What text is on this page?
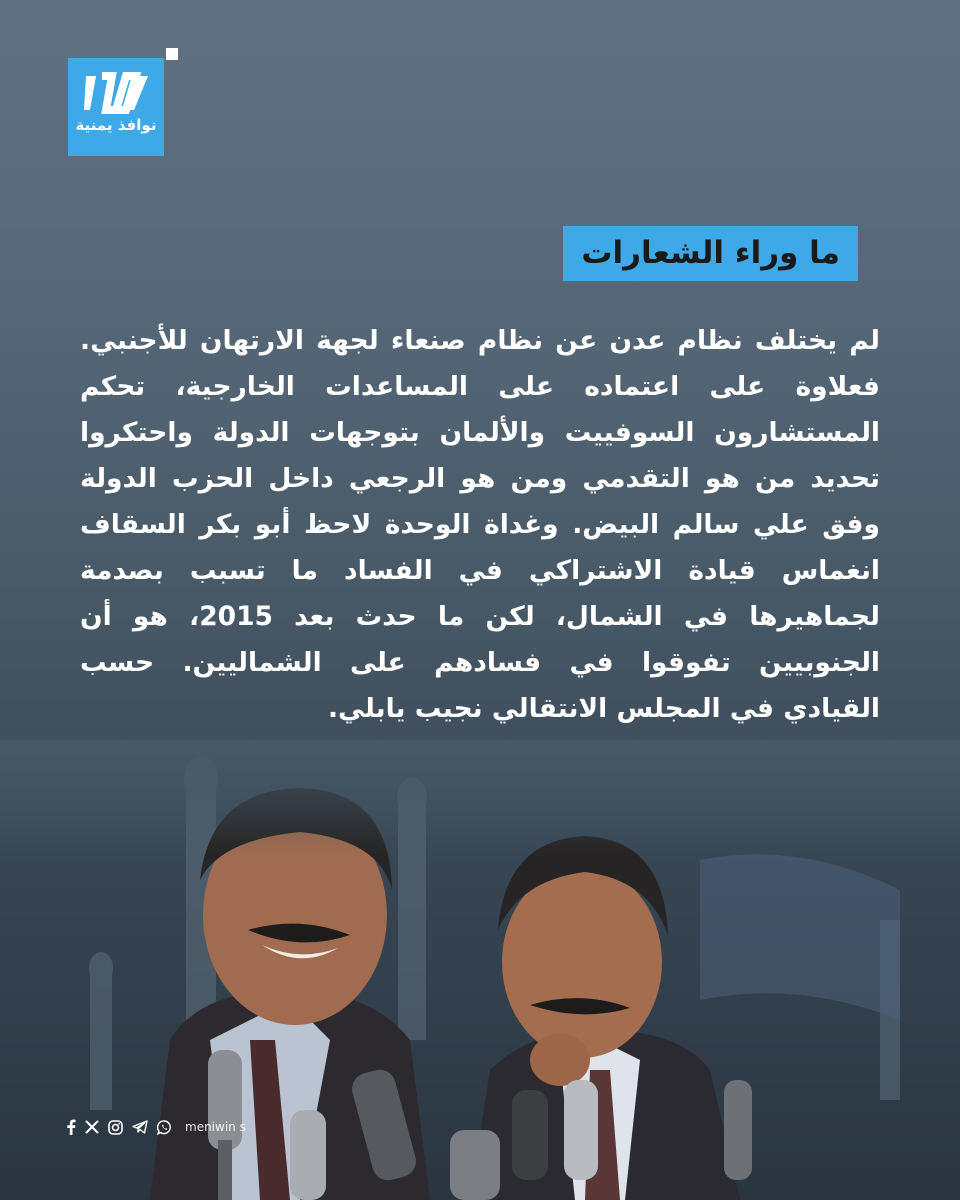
نوافذ يمنية
ما وراء الشعارات

لم يختلف نظام عدن عن نظام صنعاء لجهة الارتهان للأجنبي.
فعلاوة على اعتماده على المساعدات الخارجية، تحكم
المستشارون السوفييت والألمان بتوجهات الدولة واحتكروا
تحديد من هو التقدمي ومن هو الرجعي داخل الحزب الدولة
وفق علي سالم البيض. وغداة الوحدة لاحظ أبو بكر السقاف
انغماس قيادة الاشتراكي في الفساد ما تسبب بصدمة
لجماهيرها في الشمال، لكن ما حدث بعد 2015، هو أن
الجنوبيين تفوقوا في فسادهم على الشماليين. حسب
القيادي في المجلس الانتقالي نجيب يابلي.

meniwin s
